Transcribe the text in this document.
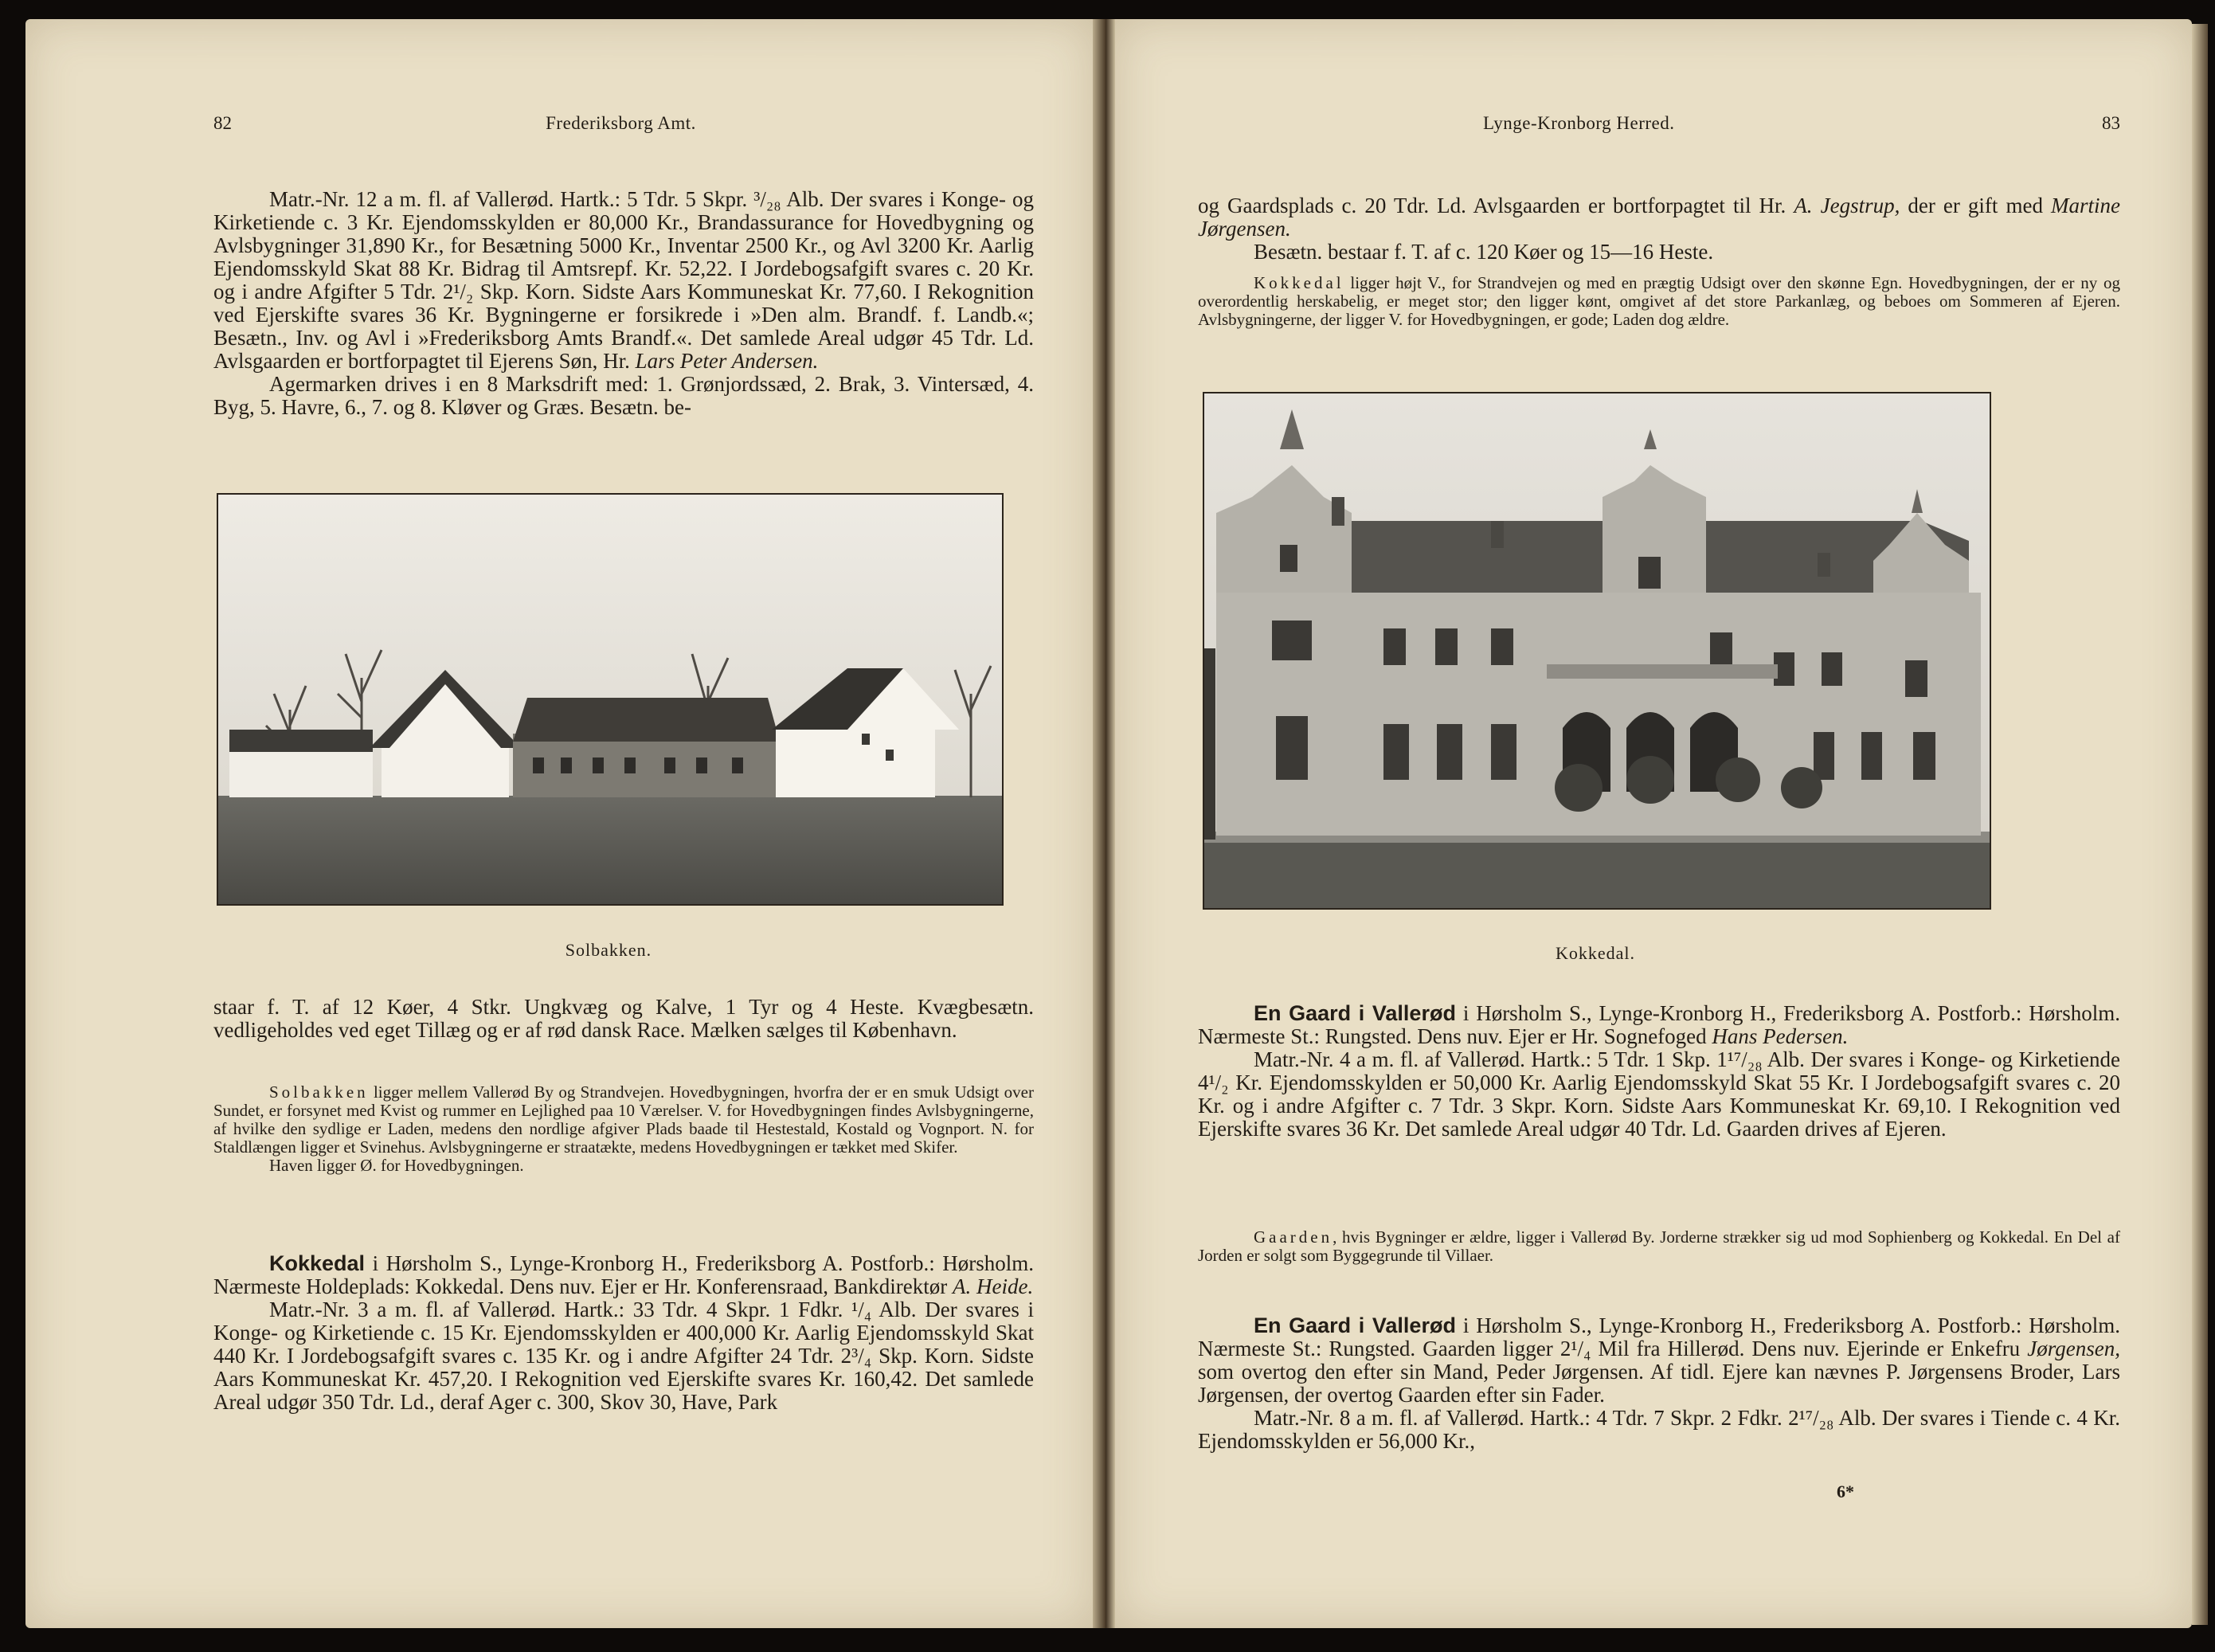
82	Frederiksborg Amt.

Matr.-Nr. 12 a m. fl. af Vallerød. Hartk.: 5 Tdr. 5 Skpr. ³/₂₈ Alb. Der svares i Konge- og Kirketiende c. 3 Kr. Ejendomsskylden er 80,000 Kr., Brandassurance for Hovedbygning og Avlsbygninger 31,890 Kr., for Besætning 5000 Kr., Inventar 2500 Kr., og Avl 3200 Kr. Aarlig Ejendomsskyld Skat 88 Kr. Bidrag til Amtsrepf. Kr. 52,22. I Jordebogsafgift svares c. 20 Kr. og i andre Afgifter 5 Tdr. 2¹/₂ Skp. Korn. Sidste Aars Kommuneskat Kr. 77,60. I Rekognition ved Ejerskifte svares 36 Kr. Bygningerne er forsikrede i »Den alm. Brandf. f. Landb.«; Besætn., Inv. og Avl i »Frederiksborg Amts Brandf.«. Det samlede Areal udgør 45 Tdr. Ld. Avlsgaarden er bortforpagtet til Ejerens Søn, Hr. Lars Peter Andersen.

Agermarken drives i en 8 Marksdrift med: 1. Grønjordssæd, 2. Brak, 3. Vintersæd, 4. Byg, 5. Havre, 6., 7. og 8. Kløver og Græs. Besætn. be-

Solbakken.

staar f. T. af 12 Køer, 4 Stkr. Ungkvæg og Kalve, 1 Tyr og 4 Heste. Kvægbesætn. vedligeholdes ved eget Tillæg og er af rød dansk Race. Mælken sælges til København.

Solbakken ligger mellem Vallerød By og Strandvejen. Hovedbygningen, hvorfra der er en smuk Udsigt over Sundet, er forsynet med Kvist og rummer en Lejlighed paa 10 Værelser. V. for Hovedbygningen findes Avlsbygningerne, af hvilke den sydlige er Laden, medens den nordlige afgiver Plads baade til Hestestald, Kostald og Vognport. N. for Staldlængen ligger et Svinehus. Avlsbygningerne er straatækte, medens Hovedbygningen er tækket med Skifer.

Haven ligger Ø. for Hovedbygningen.

Kokkedal i Hørsholm S., Lynge-Kronborg H., Frederiksborg A. Postforb.: Hørsholm. Nærmeste Holdeplads: Kokkedal. Dens nuv. Ejer er Hr. Konferensraad, Bankdirektør A. Heide.

Matr.-Nr. 3 a m. fl. af Vallerød. Hartk.: 33 Tdr. 4 Skpr. 1 Fdkr. ¹/₄ Alb. Der svares i Konge- og Kirketiende c. 15 Kr. Ejendomsskylden er 400,000 Kr. Aarlig Ejendomsskyld Skat 440 Kr. I Jordebogsafgift svares c. 135 Kr. og i andre Afgifter 24 Tdr. 2³/₄ Skp. Korn. Sidste Aars Kommuneskat Kr. 457,20. I Rekognition ved Ejerskifte svares Kr. 160,42. Det samlede Areal udgør 350 Tdr. Ld., deraf Ager c. 300, Skov 30, Have, Park

Lynge-Kronborg Herred.	83

og Gaardsplads c. 20 Tdr. Ld. Avlsgaarden er bortforpagtet til Hr. A. Jegstrup, der er gift med Martine Jørgensen.

Besætn. bestaar f. T. af c. 120 Køer og 15—16 Heste.

Kokkedal ligger højt V., for Strandvejen og med en prægtig Udsigt over den skønne Egn. Hovedbygningen, der er ny og overordentlig herskabelig, er meget stor; den ligger kønt, omgivet af det store Parkanlæg, og beboes om Sommeren af Ejeren. Avlsbygningerne, der ligger V. for Hovedbygningen, er gode; Laden dog ældre.

Kokkedal.

En Gaard i Vallerød i Hørsholm S., Lynge-Kronborg H., Frederiksborg A. Postforb.: Hørsholm. Nærmeste St.: Rungsted. Dens nuv. Ejer er Hr. Sognefoged Hans Pedersen.

Matr.-Nr. 4 a m. fl. af Vallerød. Hartk.: 5 Tdr. 1 Skp. 1¹⁷/₂₈ Alb. Der svares i Konge- og Kirketiende 4¹/₂ Kr. Ejendomsskylden er 50,000 Kr. Aarlig Ejendomsskyld Skat 55 Kr. I Jordebogsafgift svares c. 20 Kr. og i andre Afgifter c. 7 Tdr. 3 Skpr. Korn. Sidste Aars Kommuneskat Kr. 69,10. I Rekognition ved Ejerskifte svares 36 Kr. Det samlede Areal udgør 40 Tdr. Ld. Gaarden drives af Ejeren.

Gaarden, hvis Bygninger er ældre, ligger i Vallerød By. Jorderne strækker sig ud mod Sophienberg og Kokkedal. En Del af Jorden er solgt som Byggegrunde til Villaer.

En Gaard i Vallerød i Hørsholm S., Lynge-Kronborg H., Frederiksborg A. Postforb.: Hørsholm. Nærmeste St.: Rungsted. Gaarden ligger 2¹/₄ Mil fra Hillerød. Dens nuv. Ejerinde er Enkefru Jørgensen, som overtog den efter sin Mand, Peder Jørgensen. Af tidl. Ejere kan nævnes P. Jørgensens Broder, Lars Jørgensen, der overtog Gaarden efter sin Fader.

Matr.-Nr. 8 a m. fl. af Vallerød. Hartk.: 4 Tdr. 7 Skpr. 2 Fdkr. 2¹⁷/₂₈ Alb. Der svares i Tiende c. 4 Kr. Ejendomsskylden er 56,000 Kr.,

6*
